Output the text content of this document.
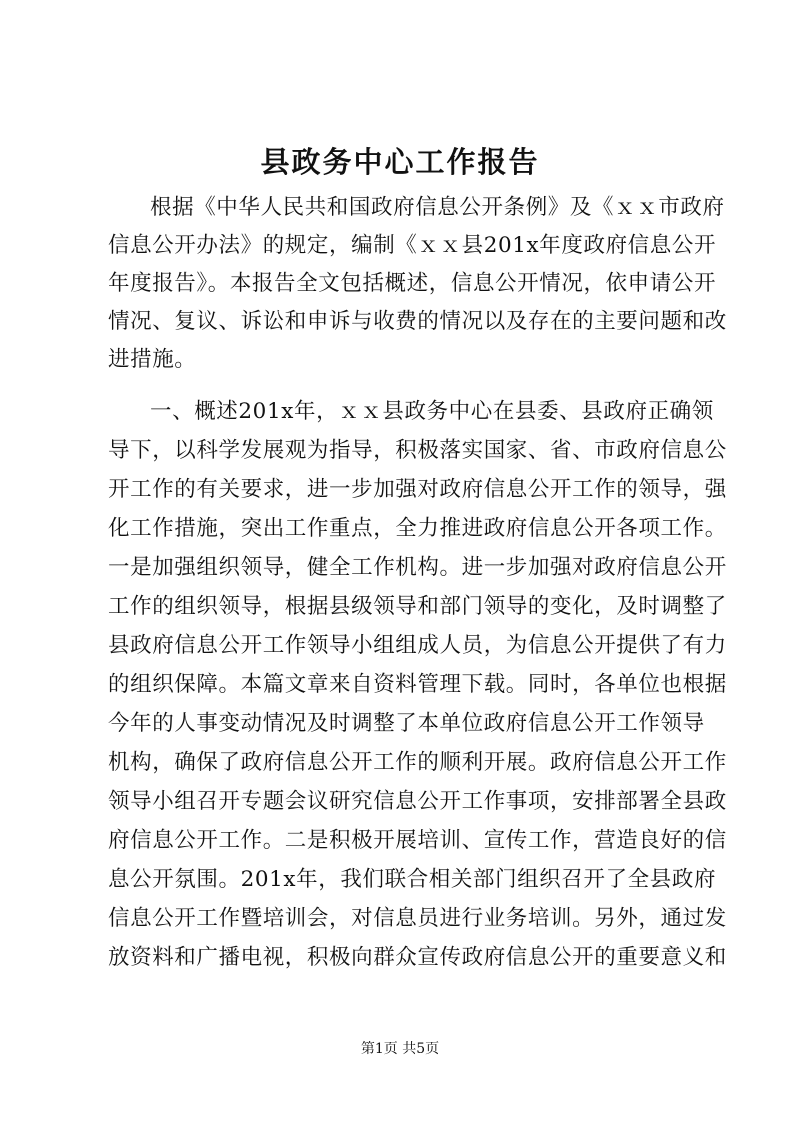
县政务中心工作报告
根据《中华人民共和国政府信息公开条例》及《ｘｘ市政府
信息公开办法》的规定，编制《ｘｘ县201x年度政府信息公开
年度报告》。本报告全文包括概述，信息公开情况，依申请公开
情况、复议、诉讼和申诉与收费的情况以及存在的主要问题和改
进措施。
一、概述201x年，ｘｘ县政务中心在县委、县政府正确领
导下，以科学发展观为指导，积极落实国家、省、市政府信息公
开工作的有关要求，进一步加强对政府信息公开工作的领导，强
化工作措施，突出工作重点，全力推进政府信息公开各项工作。
一是加强组织领导，健全工作机构。进一步加强对政府信息公开
工作的组织领导，根据县级领导和部门领导的变化，及时调整了
县政府信息公开工作领导小组组成人员，为信息公开提供了有力
的组织保障。本篇文章来自资料管理下载。同时，各单位也根据
今年的人事变动情况及时调整了本单位政府信息公开工作领导
机构，确保了政府信息公开工作的顺利开展。政府信息公开工作
领导小组召开专题会议研究信息公开工作事项，安排部署全县政
府信息公开工作。二是积极开展培训、宣传工作，营造良好的信
息公开氛围。201x年，我们联合相关部门组织召开了全县政府
信息公开工作暨培训会，对信息员进行业务培训。另外，通过发
放资料和广播电视，积极向群众宣传政府信息公开的重要意义和
第1页 共5页
